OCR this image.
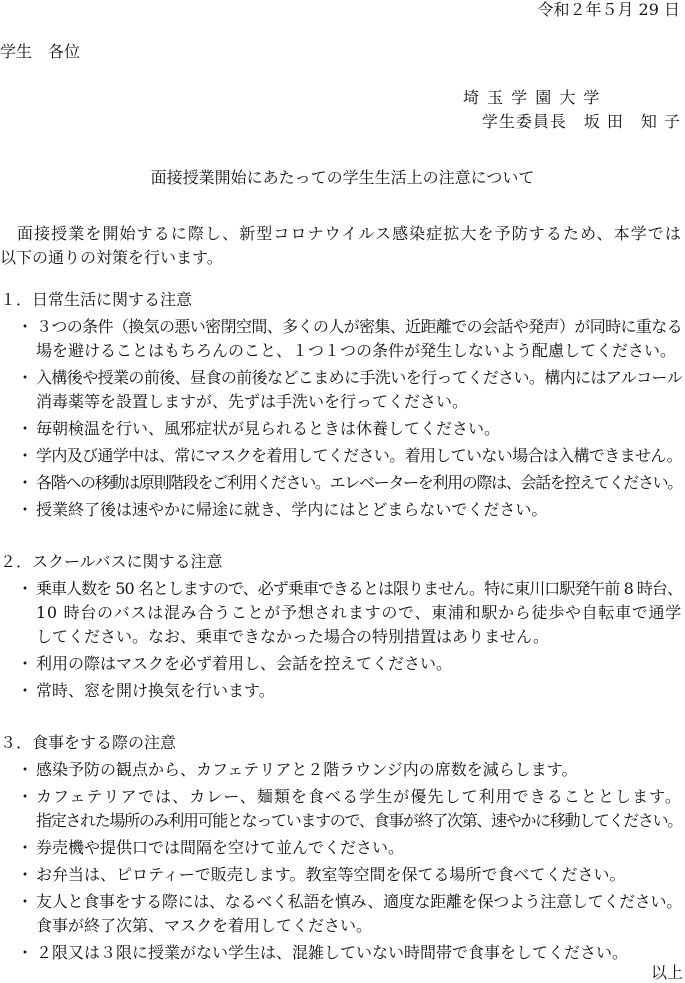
令和２年５月 29 日
学生　各位
埼 玉 学 園 大 学
学生委員長　坂 田　知 子
面接授業開始にあたっての学生生活上の注意について
面接授業を開始するに際し、新型コロナウイルス感染症拡大を予防するため、本学では
以下の通りの対策を行います。
１．日常生活に関する注意
・ ３つの条件（換気の悪い密閉空間、多くの人が密集、近距離での会話や発声）が同時に重なる
場を避けることはもちろんのこと、１つ１つの条件が発生しないよう配慮してください。
・ 入構後や授業の前後、昼食の前後などこまめに手洗いを行ってください。構内にはアルコール
消毒薬等を設置しますが、先ずは手洗いを行ってください。
・ 毎朝検温を行い、風邪症状が見られるときは休養してください。
・ 学内及び通学中は、常にマスクを着用してください。着用していない場合は入構できません。
・ 各階への移動は原則階段をご利用ください。エレベーターを利用の際は、会話を控えてください。
・ 授業終了後は速やかに帰途に就き、学内にはとどまらないでください。
２．スクールバスに関する注意
・ 乗車人数を 50 名としますので、必ず乗車できるとは限りません。特に東川口駅発午前 8 時台、
10 時台のバスは混み合うことが予想されますので、東浦和駅から徒歩や自転車で通学
してください。なお、乗車できなかった場合の特別措置はありません。
・ 利用の際はマスクを必ず着用し、会話を控えてください。
・ 常時、窓を開け換気を行います。
３．食事をする際の注意
・ 感染予防の観点から、カフェテリアと２階ラウンジ内の席数を減らします。
・ カフェテリアでは、カレー、麺類を食べる学生が優先して利用できることとします。
指定された場所のみ利用可能となっていますので、食事が終了次第、速やかに移動してください。
・ 券売機や提供口では間隔を空けて並んでください。
・ お弁当は、ピロティーで販売します。教室等空間を保てる場所で食べてください。
・ 友人と食事をする際には、なるべく私語を慎み、適度な距離を保つよう注意してください。
食事が終了次第、マスクを着用してください。
・ ２限又は３限に授業がない学生は、混雑していない時間帯で食事をしてください。
以上
